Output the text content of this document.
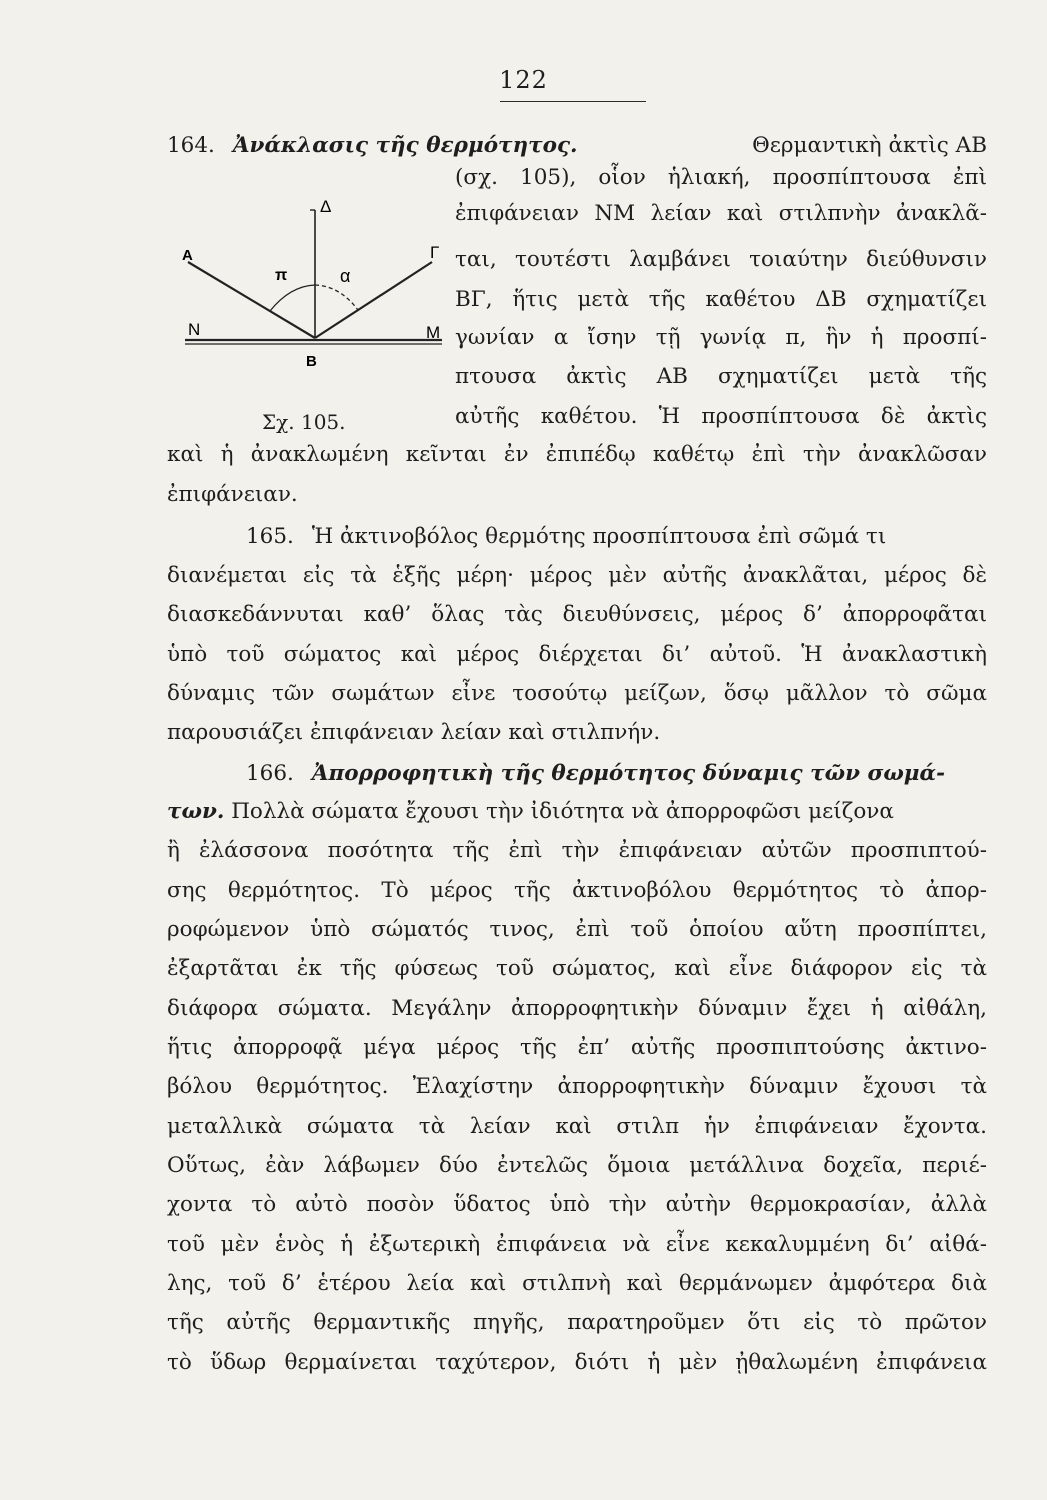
122
164. Ἀνάκλασις τῆς θερμότητος.	Θερμαντικὴ ἀκτὶς AB
Δ
A	Γ
π	α
N	M
B
Σχ. 105.
(σχ. 105), οἷον ἡλιακή, προσπίπτουσα ἐπὶ
ἐπιφάνειαν NM λείαν καὶ στιλπνὴν ἀνακλᾶ-
ται, τουτέστι λαμβάνει τοιαύτην διεύθυνσιν
BΓ, ἥτις μετὰ τῆς καθέτου ΔB σχηματίζει
γωνίαν α ἴσην τῇ γωνίᾳ π, ἣν ἡ προσπί-
πτουσα ἀκτὶς AB σχηματίζει μετὰ τῆς
αὐτῆς καθέτου. Ἡ προσπίπτουσα δὲ ἀκτὶς
καὶ ἡ ἀνακλωμένη κεῖνται ἐν ἐπιπέδῳ καθέτῳ ἐπὶ τὴν ἀνακλῶσαν
ἐπιφάνειαν.
165. Ἡ ἀκτινοβόλος θερμότης προσπίπτουσα ἐπὶ σῶμά τι
διανέμεται εἰς τὰ ἑξῆς μέρη· μέρος μὲν αὐτῆς ἀνακλᾶται, μέρος δὲ
διασκεδάννυται καθ’ ὅλας τὰς διευθύνσεις, μέρος δ’ ἀπορροφᾶται
ὑπὸ τοῦ σώματος καὶ μέρος διέρχεται δι’ αὐτοῦ. Ἡ ἀνακλαστικὴ
δύναμις τῶν σωμάτων εἶνε τοσούτῳ μείζων, ὅσῳ μᾶλλον τὸ σῶμα
παρουσιάζει ἐπιφάνειαν λείαν καὶ στιλπνήν.
166. Ἀπορροφητικὴ τῆς θερμότητος δύναμις τῶν σωμά-
των. Πολλὰ σώματα ἔχουσι τὴν ἰδιότητα νὰ ἀπορροφῶσι μείζονα
ἢ ἐλάσσονα ποσότητα τῆς ἐπὶ τὴν ἐπιφάνειαν αὐτῶν προσπιπτού-
σης θερμότητος. Τὸ μέρος τῆς ἀκτινοβόλου θερμότητος τὸ ἀπορ-
ροφώμενον ὑπὸ σώματός τινος, ἐπὶ τοῦ ὁποίου αὕτη προσπίπτει,
ἐξαρτᾶται ἐκ τῆς φύσεως τοῦ σώματος, καὶ εἶνε διάφορον εἰς τὰ
διάφορα σώματα. Μεγάλην ἀπορροφητικὴν δύναμιν ἔχει ἡ αἰθάλη,
ἥτις ἀπορροφᾷ μέγα μέρος τῆς ἐπ’ αὐτῆς προσπιπτούσης ἀκτινο-
βόλου θερμότητος. Ἐλαχίστην ἀπορροφητικὴν δύναμιν ἔχουσι τὰ
μεταλλικὰ σώματα τὰ λείαν καὶ στιλπ ἡν ἐπιφάνειαν ἔχοντα.
Οὕτως, ἐὰν λάβωμεν δύο ἐντελῶς ὅμοια μετάλλινα δοχεῖα, περιέ-
χοντα τὸ αὐτὸ ποσὸν ὕδατος ὑπὸ τὴν αὐτὴν θερμοκρασίαν, ἀλλὰ
τοῦ μὲν ἑνὸς ἡ ἐξωτερικὴ ἐπιφάνεια νὰ εἶνε κεκαλυμμένη δι’ αἰθά-
λης, τοῦ δ’ ἑτέρου λεία καὶ στιλπνὴ καὶ θερμάνωμεν ἀμφότερα διὰ
τῆς αὐτῆς θερμαντικῆς πηγῆς, παρατηροῦμεν ὅτι εἰς τὸ πρῶτον
τὸ ὕδωρ θερμαίνεται ταχύτερον, διότι ἡ μὲν ᾐθαλωμένη ἐπιφάνεια
